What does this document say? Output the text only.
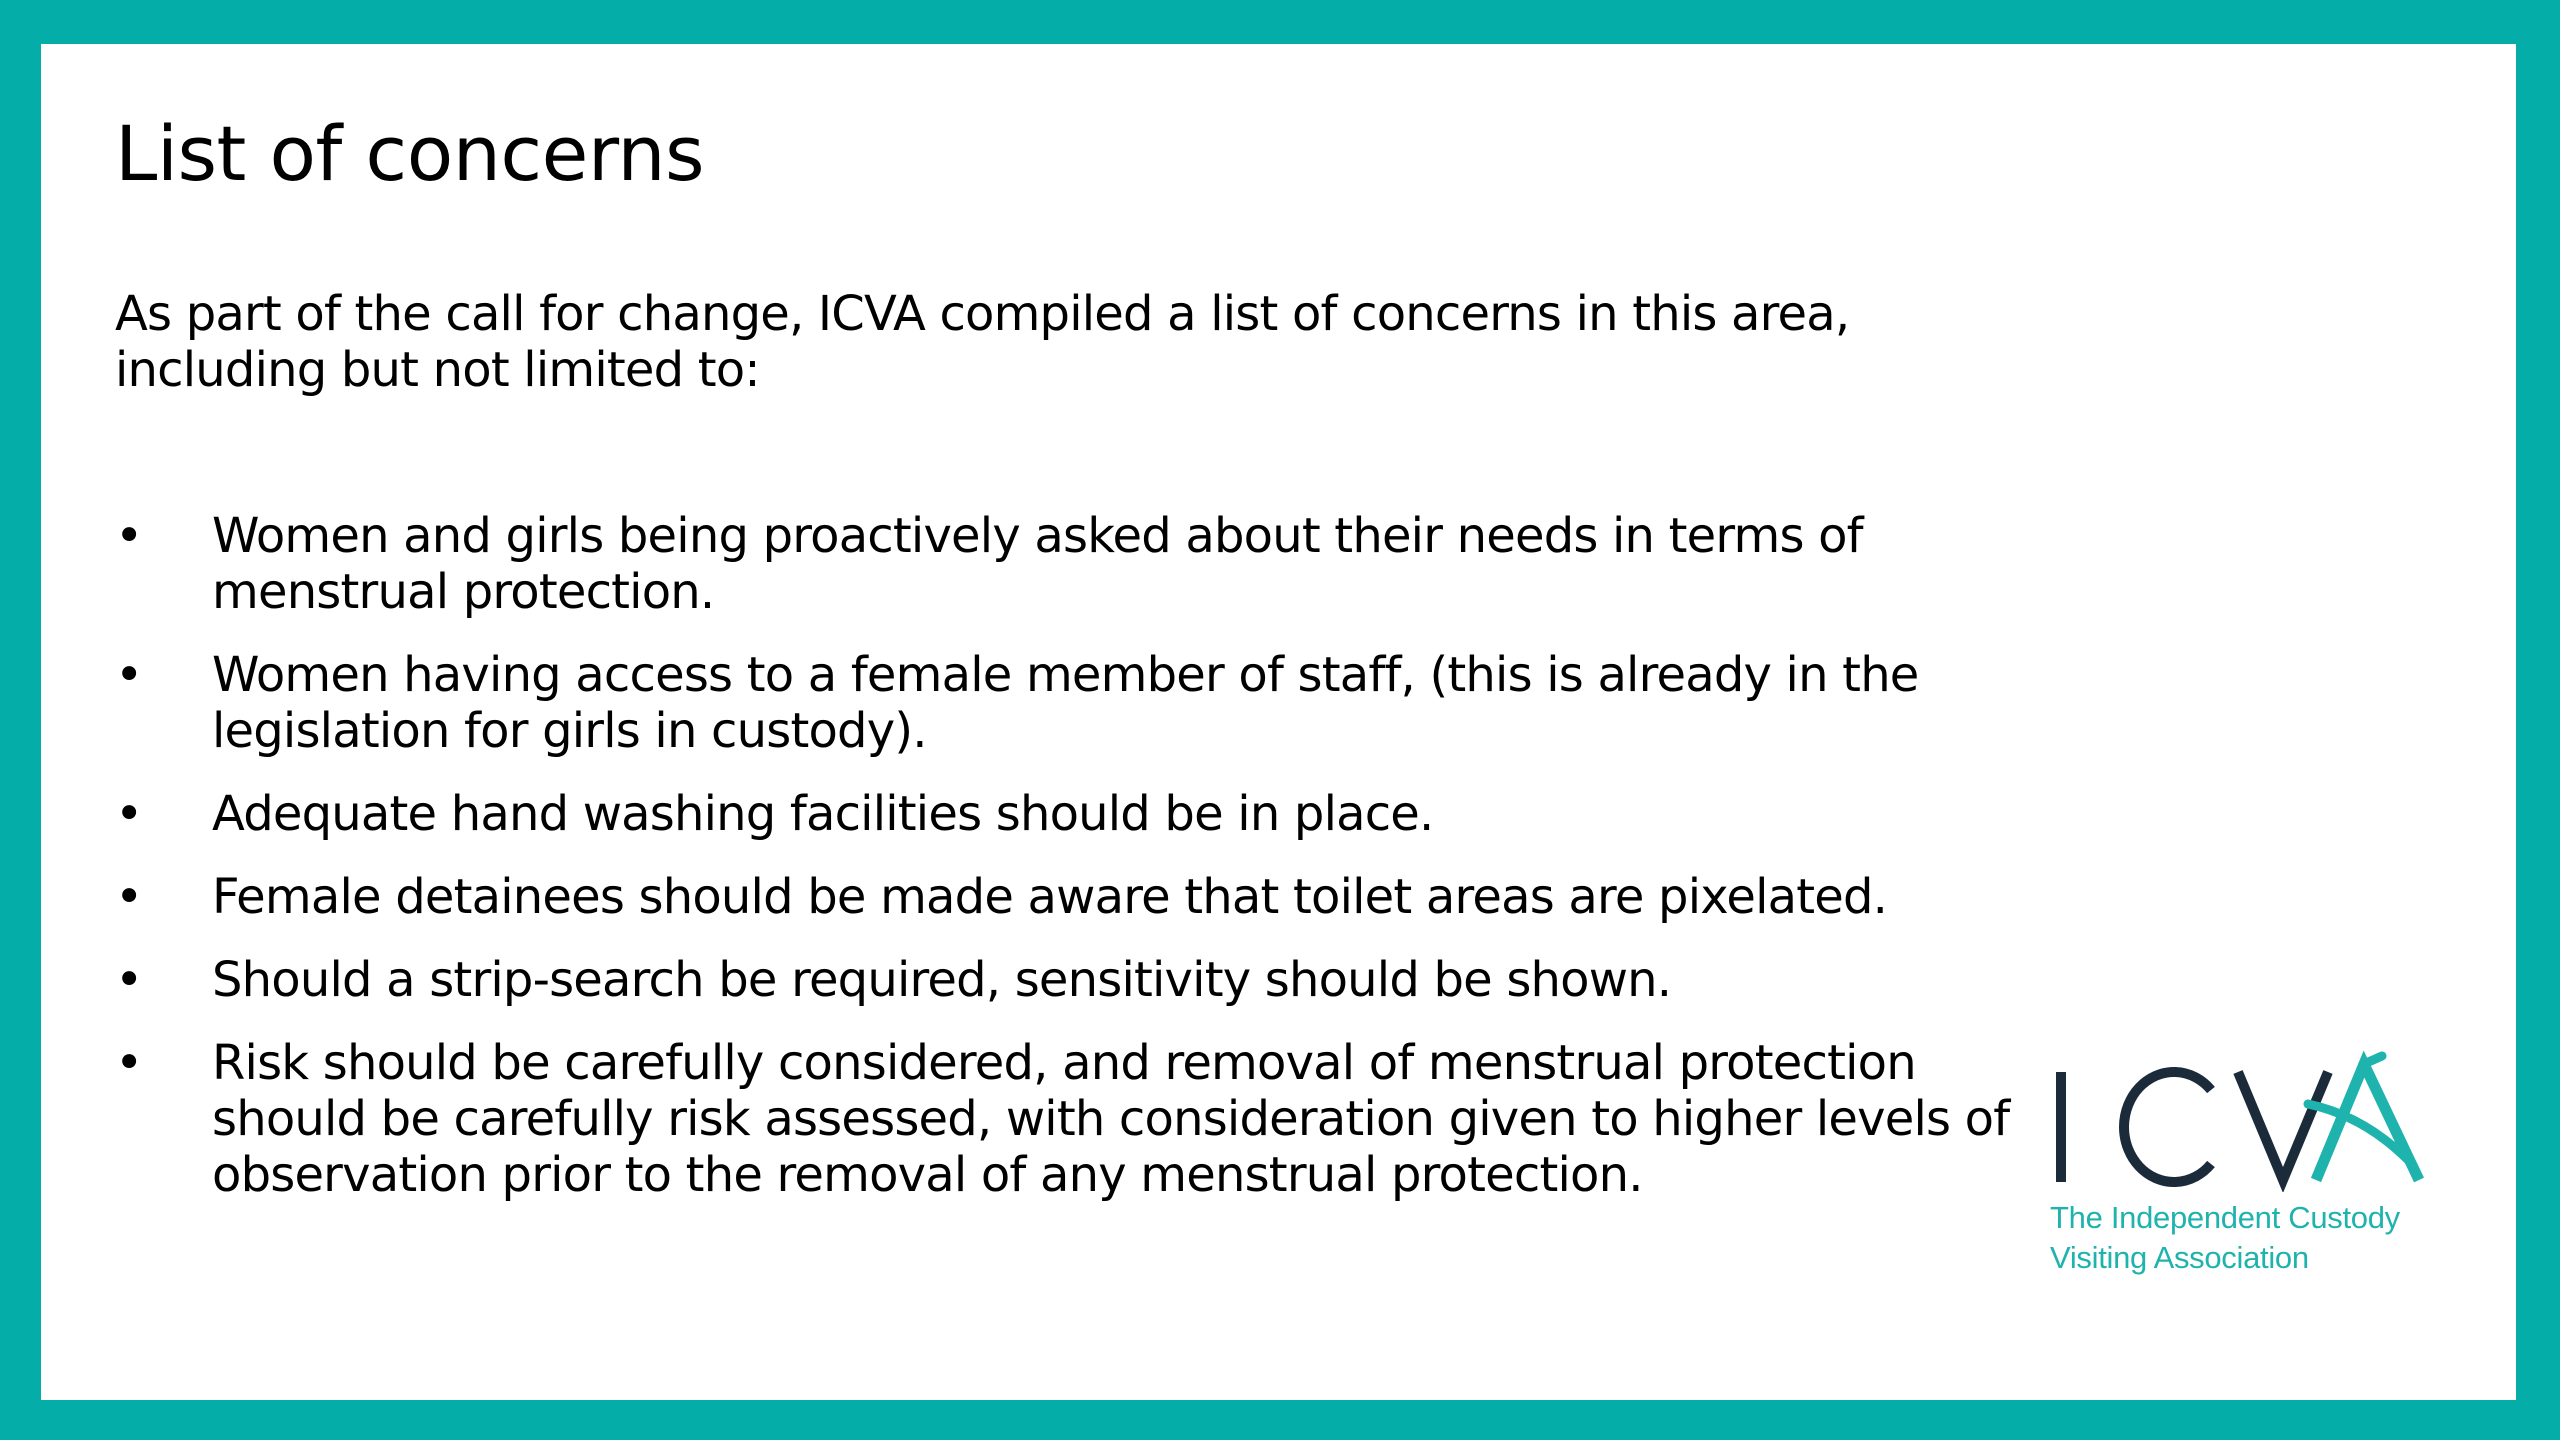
List of concerns

As part of the call for change, ICVA compiled a list of concerns in this area, including but not limited to:

• Women and girls being proactively asked about their needs in terms of menstrual protection.
• Women having access to a female member of staff, (this is already in the legislation for girls in custody).
• Adequate hand washing facilities should be in place.
• Female detainees should be made aware that toilet areas are pixelated.
• Should a strip-search be required, sensitivity should be shown.
• Risk should be carefully considered, and removal of menstrual protection should be carefully risk assessed, with consideration given to higher levels of observation prior to the removal of any menstrual protection.
The Independent Custody
Visiting Association
